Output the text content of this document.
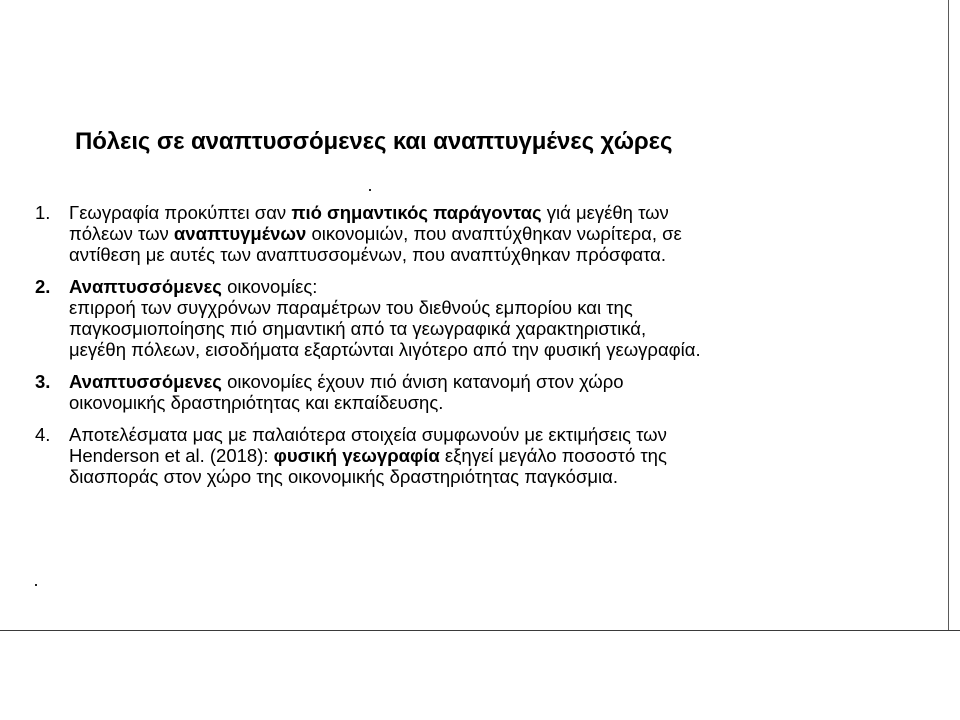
Πόλεις σε αναπτυσσόμενες και αναπτυγμένες χώρες
1. Γεωγραφία προκύπτει σαν πιό σημαντικός παράγοντας γιά μεγέθη των
πόλεων των αναπτυγμένων οικονομιών, που αναπτύχθηκαν νωρίτερα, σε
αντίθεση με αυτές των αναπτυσσομένων, που αναπτύχθηκαν πρόσφατα.
2. Αναπτυσσόμενες οικονομίες:
επιρροή των συγχρόνων παραμέτρων του διεθνούς εμπορίου και της
παγκοσμιοποίησης πιό σημαντική από τα γεωγραφικά χαρακτηριστικά,
μεγέθη πόλεων, εισοδήματα εξαρτώνται λιγότερο από την φυσική γεωγραφία.
3. Αναπτυσσόμενες οικονομίες έχουν πιό άνιση κατανομή στον χώρο
οικονομικής δραστηριότητας και εκπαίδευσης.
4. Αποτελέσματα μας με παλαιότερα στοιχεία συμφωνούν με εκτιμήσεις των
Henderson et al. (2018): φυσική γεωγραφία εξηγεί μεγάλο ποσοστό της
διασποράς στον χώρο της οικονομικής δραστηριότητας παγκόσμια.
